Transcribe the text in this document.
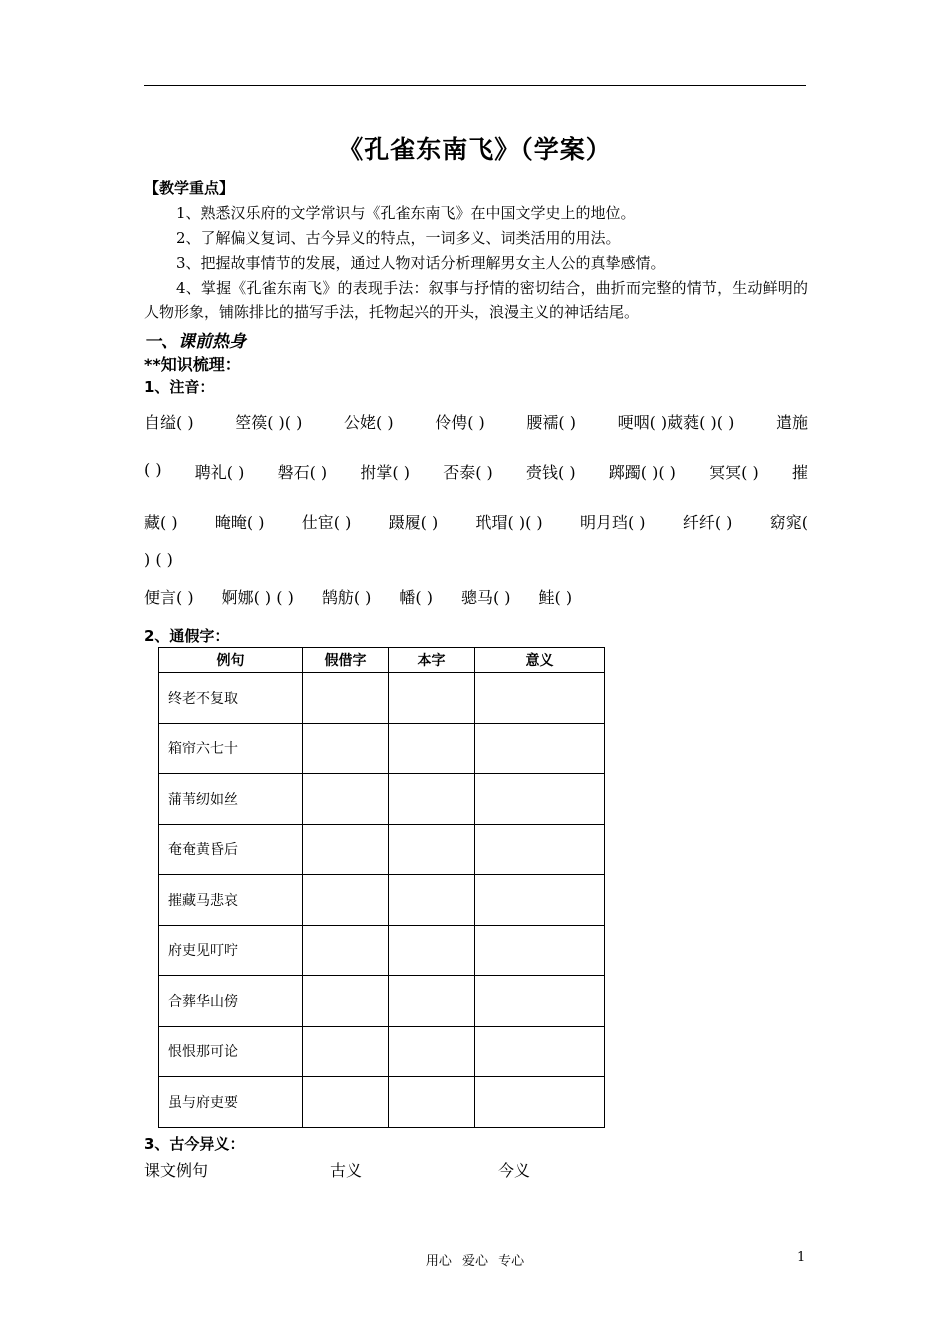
《孔雀东南飞》（学案）
【教学重点】
1、熟悉汉乐府的文学常识与《孔雀东南飞》在中国文学史上的地位。
2、了解偏义复词、古今异义的特点，一词多义、词类活用的用法。
3、把握故事情节的发展，通过人物对话分析理解男女主人公的真挚感情。
4、掌握《孔雀东南飞》的表现手法：叙事与抒情的密切结合，曲折而完整的情节，生动鲜明的人物形象，铺陈排比的描写手法，托物起兴的开头，浪漫主义的神话结尾。
一、课前热身
**知识梳理：
1、注音：
自缢( )	箜篌( )( )	公姥( )	伶俜( )	腰襦( )	哽咽( )葳蕤( )( )	遣施
( ) 聘礼( ) 磐石( ) 拊掌( ) 否泰( ) 赍钱( ) 踯躅( )( ) 冥冥( ) 摧
藏( ) 晻晻( ) 仕宦( ) 蹑履( ) 玳瑁( )( ) 明月珰( ) 纤纤( ) 窈窕(
) ( )
便言( ) 婀娜( ) ( ) 鹄舫( ) 幡( ) 骢马( ) 鲑( )
2、通假字：
例句	假借字	本字	意义
终老不复取			
箱帘六七十			
蒲苇纫如丝			
奄奄黄昏后			
摧藏马悲哀			
府吏见叮咛			
合葬华山傍			
恨恨那可论			
虽与府吏要			
3、古今异义：
课文例句	古义	今义
用心 爱心 专心	1
